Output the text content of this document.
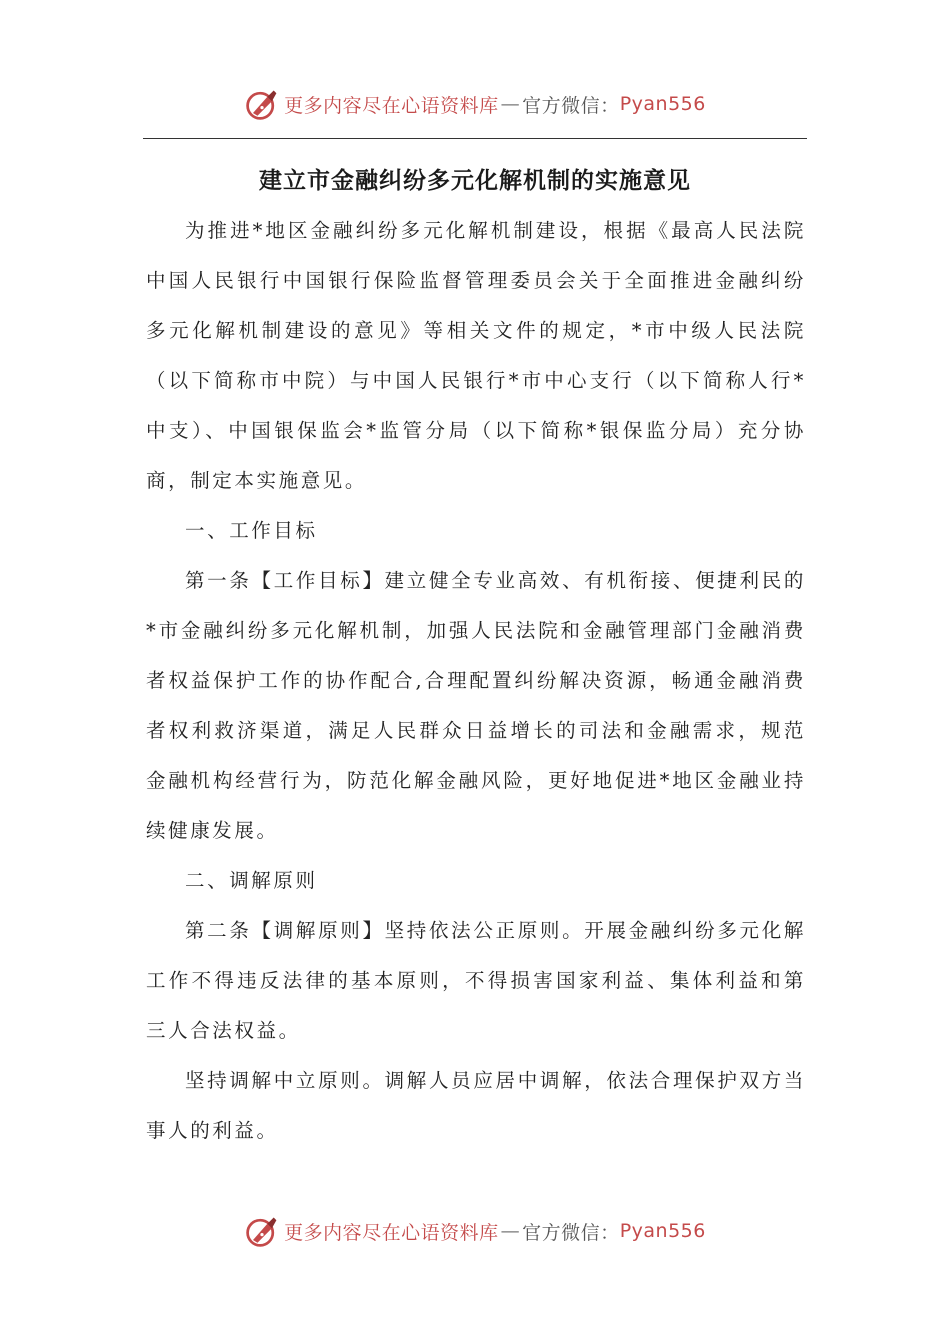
更多内容尽在心语资料库 — 官方微信： Pyan556
建立市金融纠纷多元化解机制的实施意见

为推进*地区金融纠纷多元化解机制建设，根据《最高人民法院中国人民银行中国银行保险监督管理委员会关于全面推进金融纠纷多元化解机制建设的意见》等相关文件的规定，*市中级人民法院（以下简称市中院）与中国人民银行*市中心支行（以下简称人行*中支）、中国银保监会*监管分局（以下简称*银保监分局）充分协商，制定本实施意见。

一、工作目标

第一条【工作目标】建立健全专业高效、有机衔接、便捷利民的*市金融纠纷多元化解机制，加强人民法院和金融管理部门金融消费者权益保护工作的协作配合,合理配置纠纷解决资源，畅通金融消费者权利救济渠道，满足人民群众日益增长的司法和金融需求，规范金融机构经营行为，防范化解金融风险，更好地促进*地区金融业持续健康发展。

二、调解原则

第二条【调解原则】坚持依法公正原则。开展金融纠纷多元化解工作不得违反法律的基本原则，不得损害国家利益、集体利益和第三人合法权益。

坚持调解中立原则。调解人员应居中调解，依法合理保护双方当事人的利益。

更多内容尽在心语资料库 — 官方微信： Pyan556
